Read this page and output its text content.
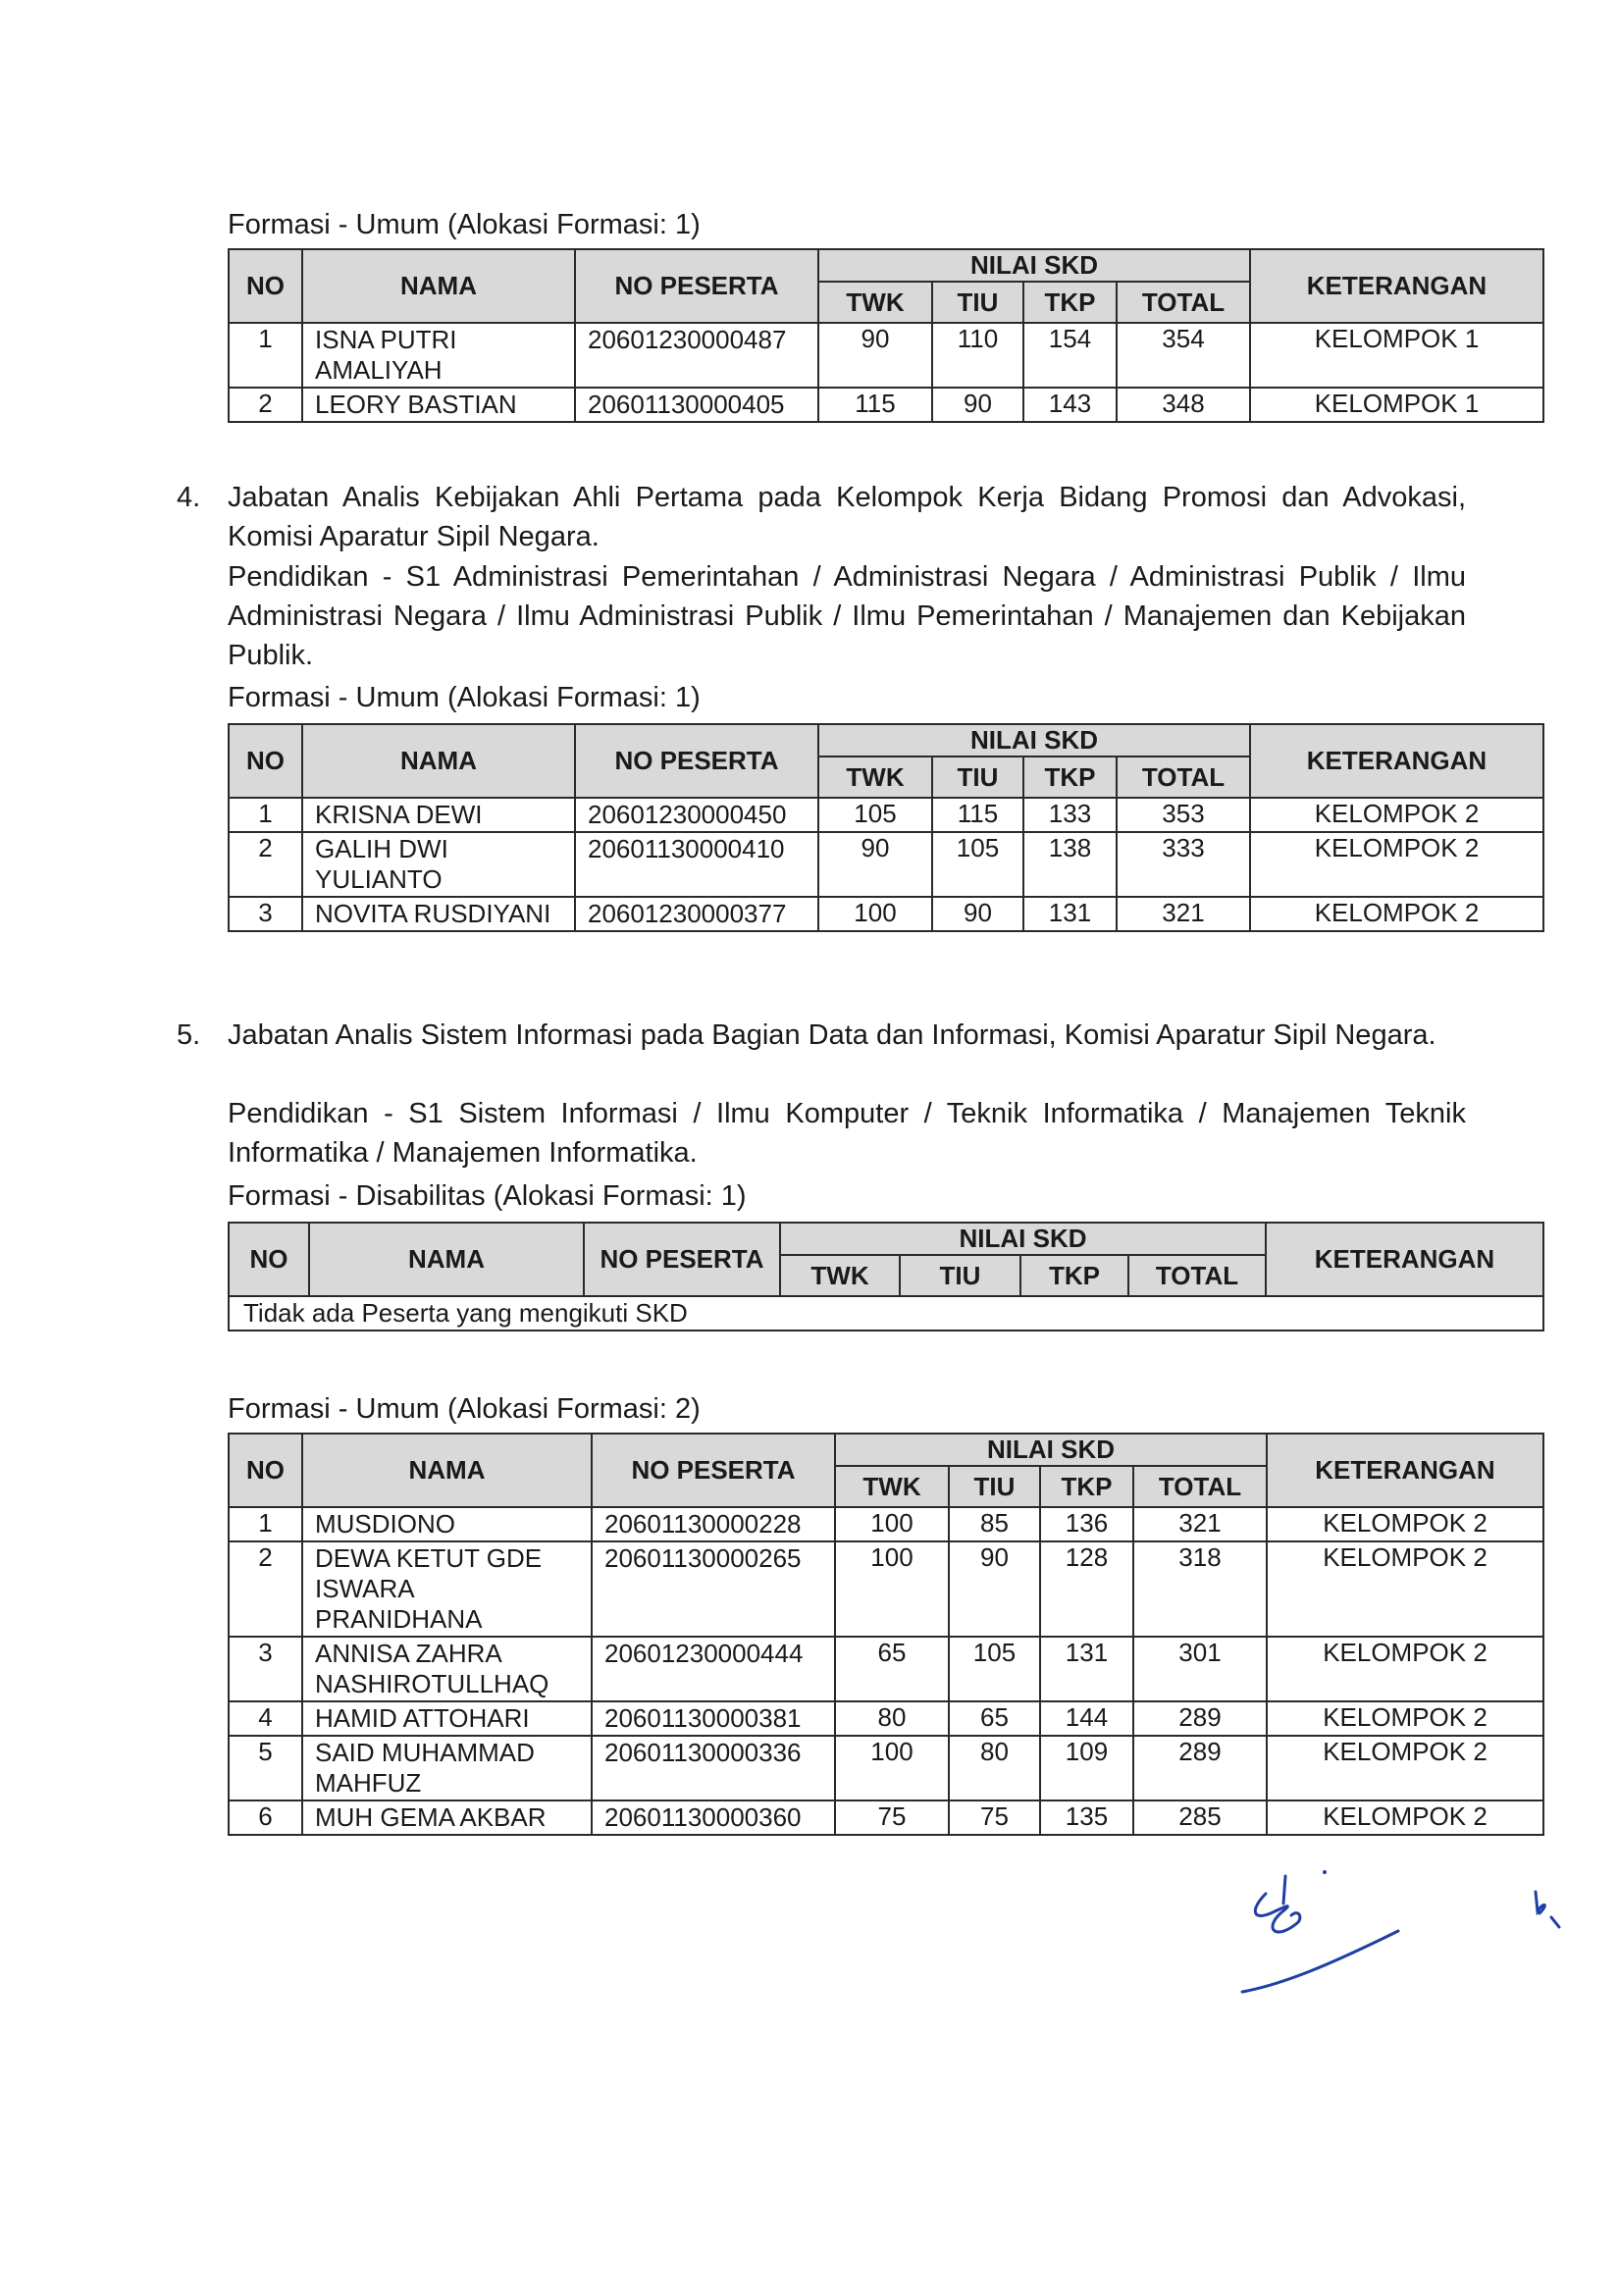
Formasi - Umum (Alokasi Formasi: 1)
NO	NAMA	NO PESERTA	NILAI SKD				KETERANGAN
			TWK	TIU	TKP	TOTAL	
1	ISNA PUTRI AMALIYAH	20601230000487	90	110	154	354	KELOMPOK 1
2	LEORY BASTIAN	20601130000405	115	90	143	348	KELOMPOK 1
4. Jabatan Analis Kebijakan Ahli Pertama pada Kelompok Kerja Bidang Promosi dan Advokasi, Komisi Aparatur Sipil Negara.
Pendidikan - S1 Administrasi Pemerintahan / Administrasi Negara / Administrasi Publik / Ilmu Administrasi Negara / Ilmu Administrasi Publik / Ilmu Pemerintahan / Manajemen dan Kebijakan Publik.
Formasi - Umum (Alokasi Formasi: 1)
NO	NAMA	NO PESERTA	NILAI SKD				KETERANGAN
			TWK	TIU	TKP	TOTAL	
1	KRISNA DEWI	20601230000450	105	115	133	353	KELOMPOK 2
2	GALIH DWI YULIANTO	20601130000410	90	105	138	333	KELOMPOK 2
3	NOVITA RUSDIYANI	20601230000377	100	90	131	321	KELOMPOK 2
5. Jabatan Analis Sistem Informasi pada Bagian Data dan Informasi, Komisi Aparatur Sipil Negara.
Pendidikan - S1 Sistem Informasi / Ilmu Komputer / Teknik Informatika / Manajemen Teknik Informatika / Manajemen Informatika.
Formasi - Disabilitas (Alokasi Formasi: 1)
NO	NAMA	NO PESERTA	NILAI SKD				KETERANGAN
			TWK	TIU	TKP	TOTAL	
Tidak ada Peserta yang mengikuti SKD							
Formasi - Umum (Alokasi Formasi: 2)
NO	NAMA	NO PESERTA	NILAI SKD				KETERANGAN
			TWK	TIU	TKP	TOTAL	
1	MUSDIONO	20601130000228	100	85	136	321	KELOMPOK 2
2	DEWA KETUT GDE ISWARA PRANIDHANA	20601130000265	100	90	128	318	KELOMPOK 2
3	ANNISA ZAHRA NASHIROTULLHAQ	20601230000444	65	105	131	301	KELOMPOK 2
4	HAMID ATTOHARI	20601130000381	80	65	144	289	KELOMPOK 2
5	SAID MUHAMMAD MAHFUZ	20601130000336	100	80	109	289	KELOMPOK 2
6	MUH GEMA AKBAR	20601130000360	75	75	135	285	KELOMPOK 2
